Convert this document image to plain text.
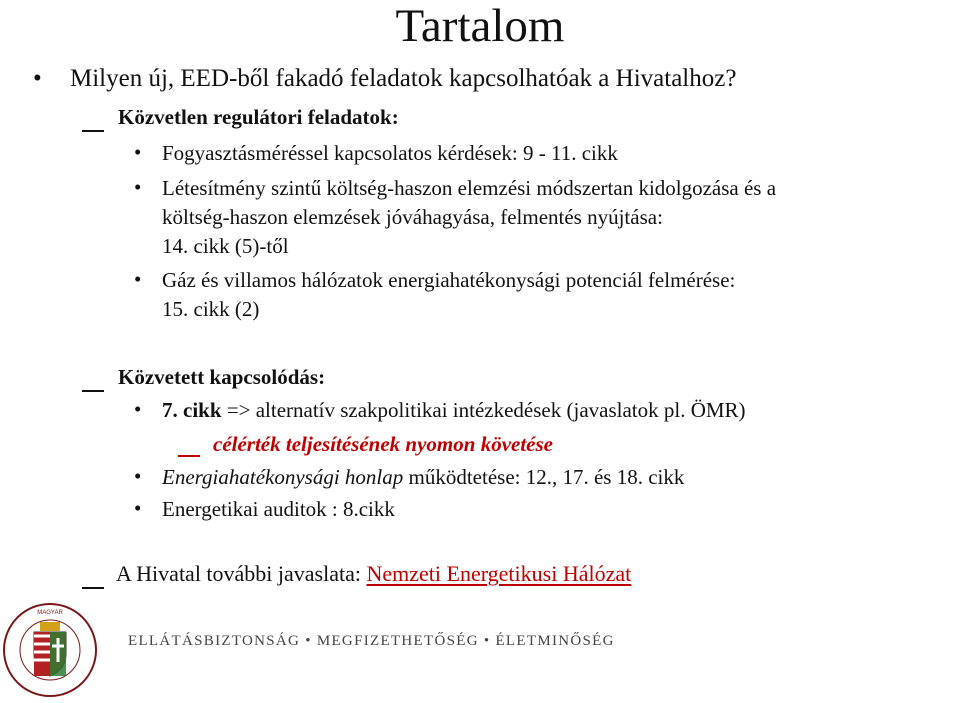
Tartalom
• Milyen új, EED-ből fakadó feladatok kapcsolhatóak a Hivatalhoz?
Közvetlen regulátori feladatok:
• Fogyasztásméréssel kapcsolatos kérdések: 9 - 11. cikk
• Létesítmény szintű költség-haszon elemzési módszertan kidolgozása és a
költség-haszon elemzések jóváhagyása, felmentés nyújtása:
14. cikk (5)-től
• Gáz és villamos hálózatok energiahatékonysági potenciál felmérése:
15. cikk (2)
Közvetett kapcsolódás:
• 7. cikk => alternatív szakpolitikai intézkedések (javaslatok pl. ÖMR)
célérték teljesítésének nyomon követése
• Energiahatékonysági honlap működtetése: 12., 17. és 18. cikk
• Energetikai auditok : 8.cikk
A Hivatal további javaslata: Nemzeti Energetikusi Hálózat
MAGYAR
ELLÁTÁSBIZTONSÁG • MEGFIZETHETŐSÉG • ÉLETMINŐSÉG
